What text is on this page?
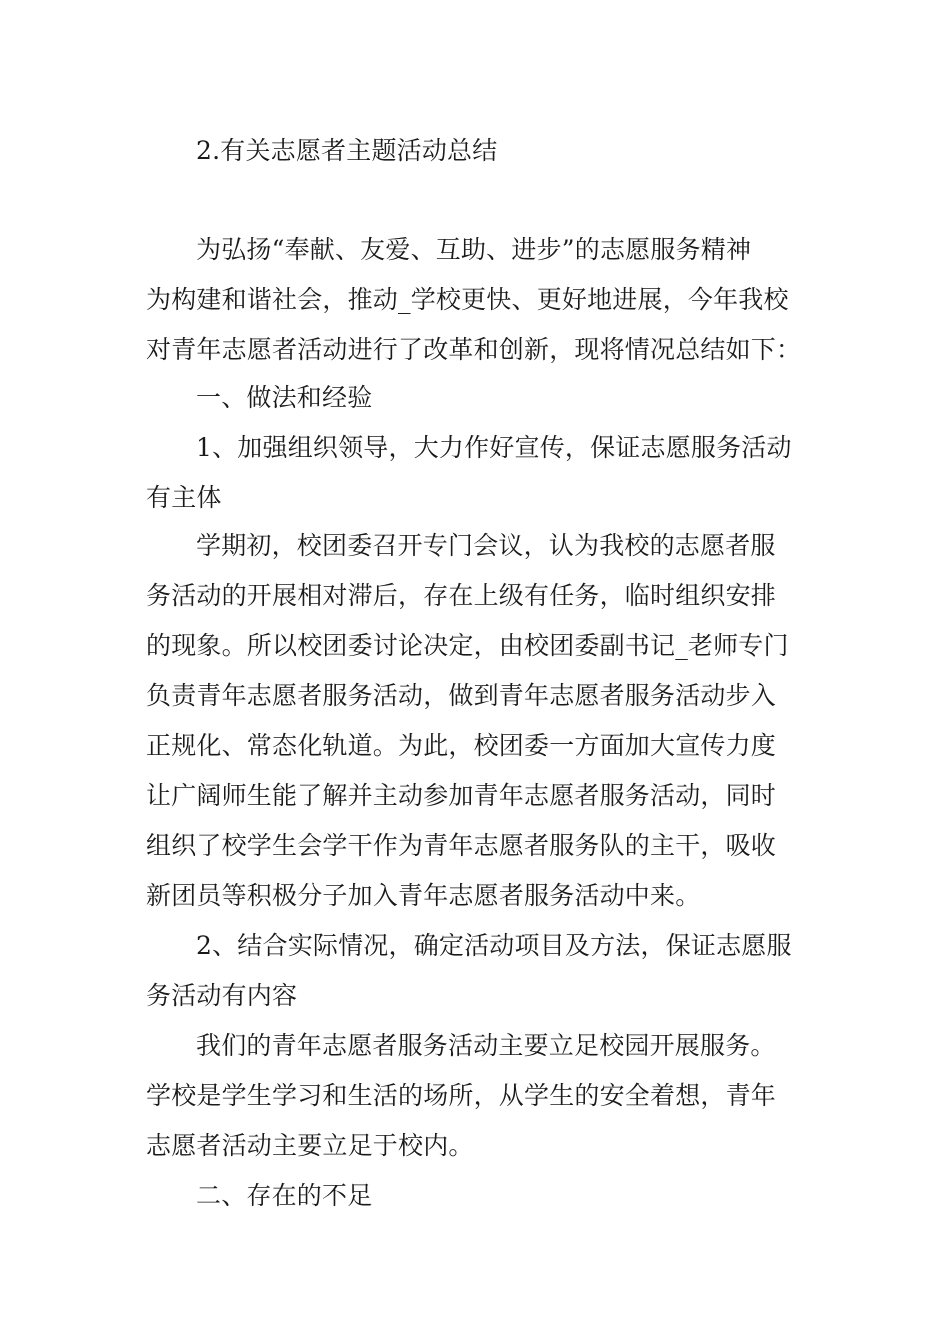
2.有关志愿者主题活动总结
为弘扬“奉献、友爱、互助、进步”的志愿服务精神
为构建和谐社会，推动_学校更快、更好地进展，今年我校
对青年志愿者活动进行了改革和创新，现将情况总结如下：
一、做法和经验
1、加强组织领导，大力作好宣传，保证志愿服务活动
有主体
学期初，校团委召开专门会议，认为我校的志愿者服
务活动的开展相对滞后，存在上级有任务，临时组织安排
的现象。所以校团委讨论决定，由校团委副书记_老师专门
负责青年志愿者服务活动，做到青年志愿者服务活动步入
正规化、常态化轨道。为此，校团委一方面加大宣传力度
让广阔师生能了解并主动参加青年志愿者服务活动，同时
组织了校学生会学干作为青年志愿者服务队的主干，吸收
新团员等积极分子加入青年志愿者服务活动中来。
2、结合实际情况，确定活动项目及方法，保证志愿服
务活动有内容
我们的青年志愿者服务活动主要立足校园开展服务。
学校是学生学习和生活的场所，从学生的安全着想，青年
志愿者活动主要立足于校内。
二、存在的不足
